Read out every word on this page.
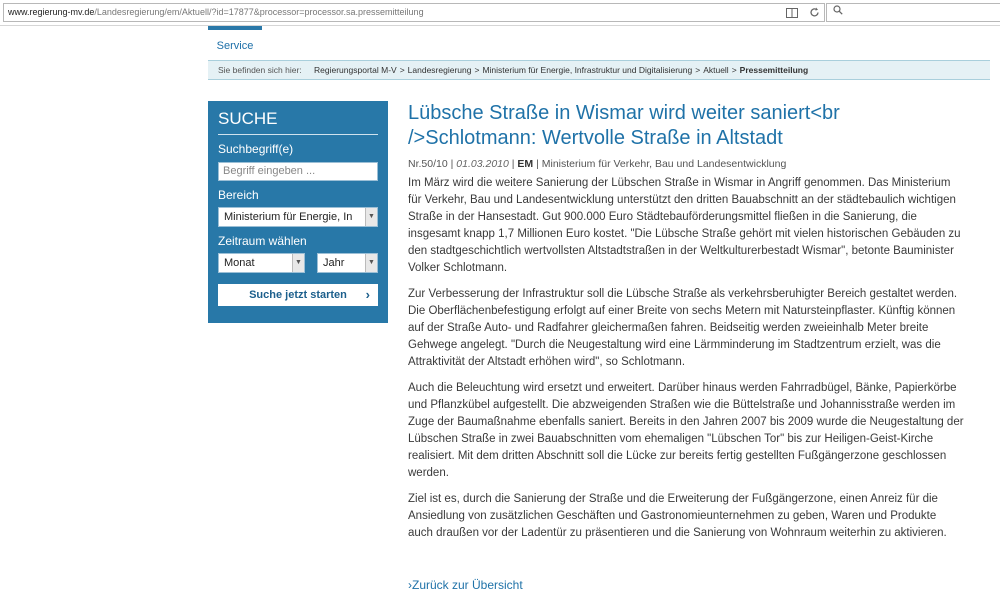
www.regierung-mv.de/Landesregierung/em/Aktuell/?id=17877&processor=processor.sa.pressemitteilung
Service
Sie befinden sich hier: Regierungsportal M-V > Landesregierung > Ministerium für Energie, Infrastruktur und Digitalisierung > Aktuell > Pressemitteilung
SUCHE
Suchbegriff(e)
Begriff eingeben ...
Bereich
Ministerium für Energie, In	▼
Zeitraum wählen
Monat	▼	Jahr	▼
Suche jetzt starten ›
Lübsche Straße in Wismar wird weiter saniert<br />Schlotmann: Wertvolle Straße in Altstadt
Nr.50/10 | 01.03.2010 | EM | Ministerium für Verkehr, Bau und Landesentwicklung

Im März wird die weitere Sanierung der Lübschen Straße in Wismar in Angriff genommen. Das Ministerium für Verkehr, Bau und Landesentwicklung unterstützt den dritten Bauabschnitt an der städtebaulich wichtigen Straße in der Hansestadt. Gut 900.000 Euro Städtebauförderungsmittel fließen in die Sanierung, die insgesamt knapp 1,7 Millionen Euro kostet. "Die Lübsche Straße gehört mit vielen historischen Gebäuden zu den stadtgeschichtlich wertvollsten Altstadtstraßen in der Weltkulturerbestadt Wismar", betonte Bauminister Volker Schlotmann.

Zur Verbesserung der Infrastruktur soll die Lübsche Straße als verkehrsberuhigter Bereich gestaltet werden. Die Oberflächenbefestigung erfolgt auf einer Breite von sechs Metern mit Natursteinpflaster. Künftig können auf der Straße Auto- und Radfahrer gleichermaßen fahren. Beidseitig werden zweieinhalb Meter breite Gehwege angelegt. "Durch die Neugestaltung wird eine Lärmminderung im Stadtzentrum erzielt, was die Attraktivität der Altstadt erhöhen wird", so Schlotmann.

Auch die Beleuchtung wird ersetzt und erweitert. Darüber hinaus werden Fahrradbügel, Bänke, Papierkörbe und Pflanzkübel aufgestellt. Die abzweigenden Straßen wie die Büttelstraße und Johannisstraße werden im Zuge der Baumaßnahme ebenfalls saniert. Bereits in den Jahren 2007 bis 2009 wurde die Neugestaltung der Lübschen Straße in zwei Bauabschnitten vom ehemaligen "Lübschen Tor" bis zur Heiligen-Geist-Kirche realisiert. Mit dem dritten Abschnitt soll die Lücke zur bereits fertig gestellten Fußgängerzone geschlossen werden.

Ziel ist es, durch die Sanierung der Straße und die Erweiterung der Fußgängerzone, einen Anreiz für die Ansiedlung von zusätzlichen Geschäften und Gastronomieunternehmen zu geben, Waren und Produkte auch draußen vor der Ladentür zu präsentieren und die Sanierung von Wohnraum weiterhin zu aktivieren.

›Zurück zur Übersicht
